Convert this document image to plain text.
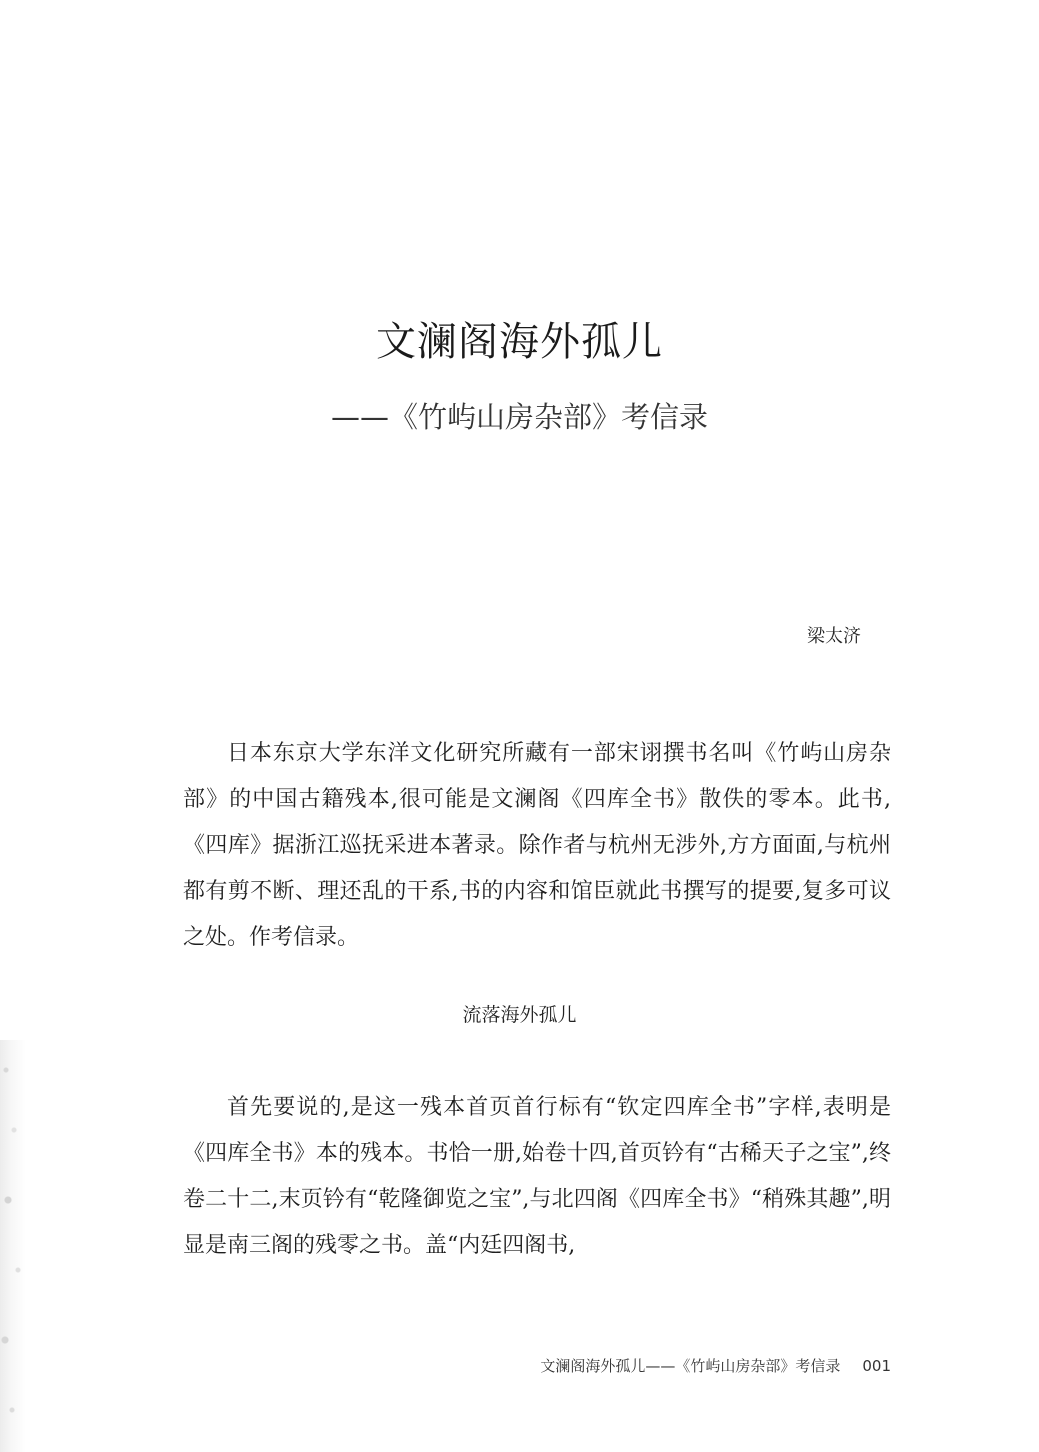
文澜阁海外孤儿
——《竹屿山房杂部》考信录
梁太济

日本东京大学东洋文化研究所藏有一部宋诩撰书名叫《竹屿山房杂部》的中国古籍残本,很可能是文澜阁《四库全书》散佚的零本。此书,《四库》据浙江巡抚采进本著录。除作者与杭州无涉外,方方面面,与杭州都有剪不断、理还乱的干系,书的内容和馆臣就此书撰写的提要,复多可议之处。作考信录。

流落海外孤儿

首先要说的,是这一残本首页首行标有“钦定四库全书”字样,表明是《四库全书》本的残本。书恰一册,始卷十四,首页钤有“古稀天子之宝”,终卷二十二,末页钤有“乾隆御览之宝”,与北四阁《四库全书》“稍殊其趣”,明显是南三阁的残零之书。盖“内廷四阁书,

文澜阁海外孤儿——《竹屿山房杂部》考信录 001
